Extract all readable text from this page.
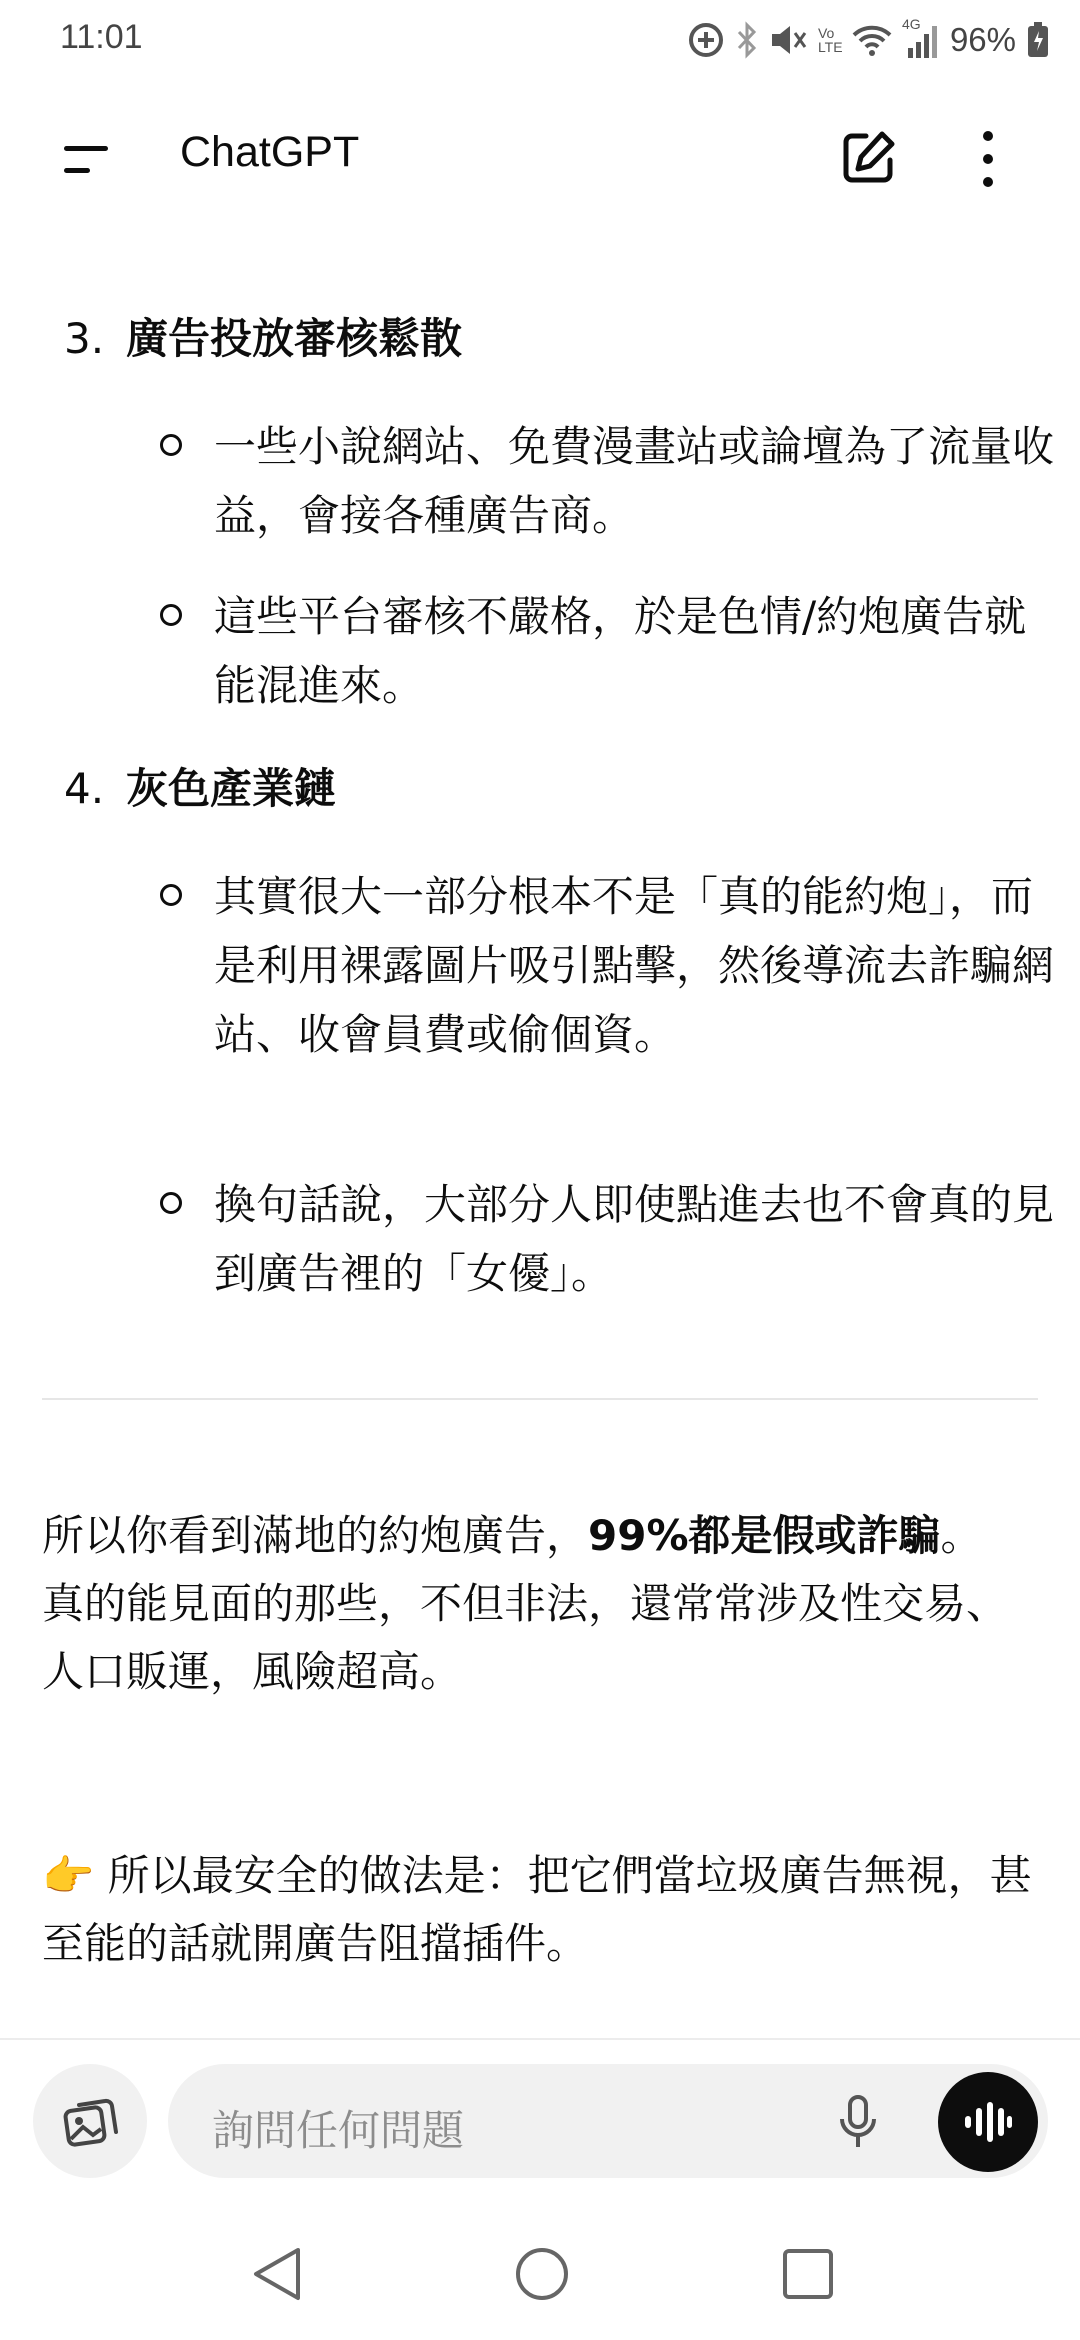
11:01	Vo LTE
4G 96%
3. 廣告投放審核鬆散
一些小說網站、免費漫畫站或論壇為了流量收益，會接各種廣告商。
這些平台審核不嚴格，於是色情/約炮廣告就能混進來。
4. 灰色產業鏈
其實很大一部分根本不是「真的能約炮」，而是利用裸露圖片吸引點擊，然後導流去詐騙網站、收會員費或偷個資。
換句話說，大部分人即使點進去也不會真的見到廣告裡的「女優」。
所以你看到滿地的約炮廣告，99%都是假或詐騙。
真的能見面的那些，不但非法，還常常涉及性交易、人口販運，風險超高。
👉 所以最安全的做法是：把它們當垃圾廣告無視，甚至能的話就開廣告阻擋插件。
ChatGPT
詢問任何問題
